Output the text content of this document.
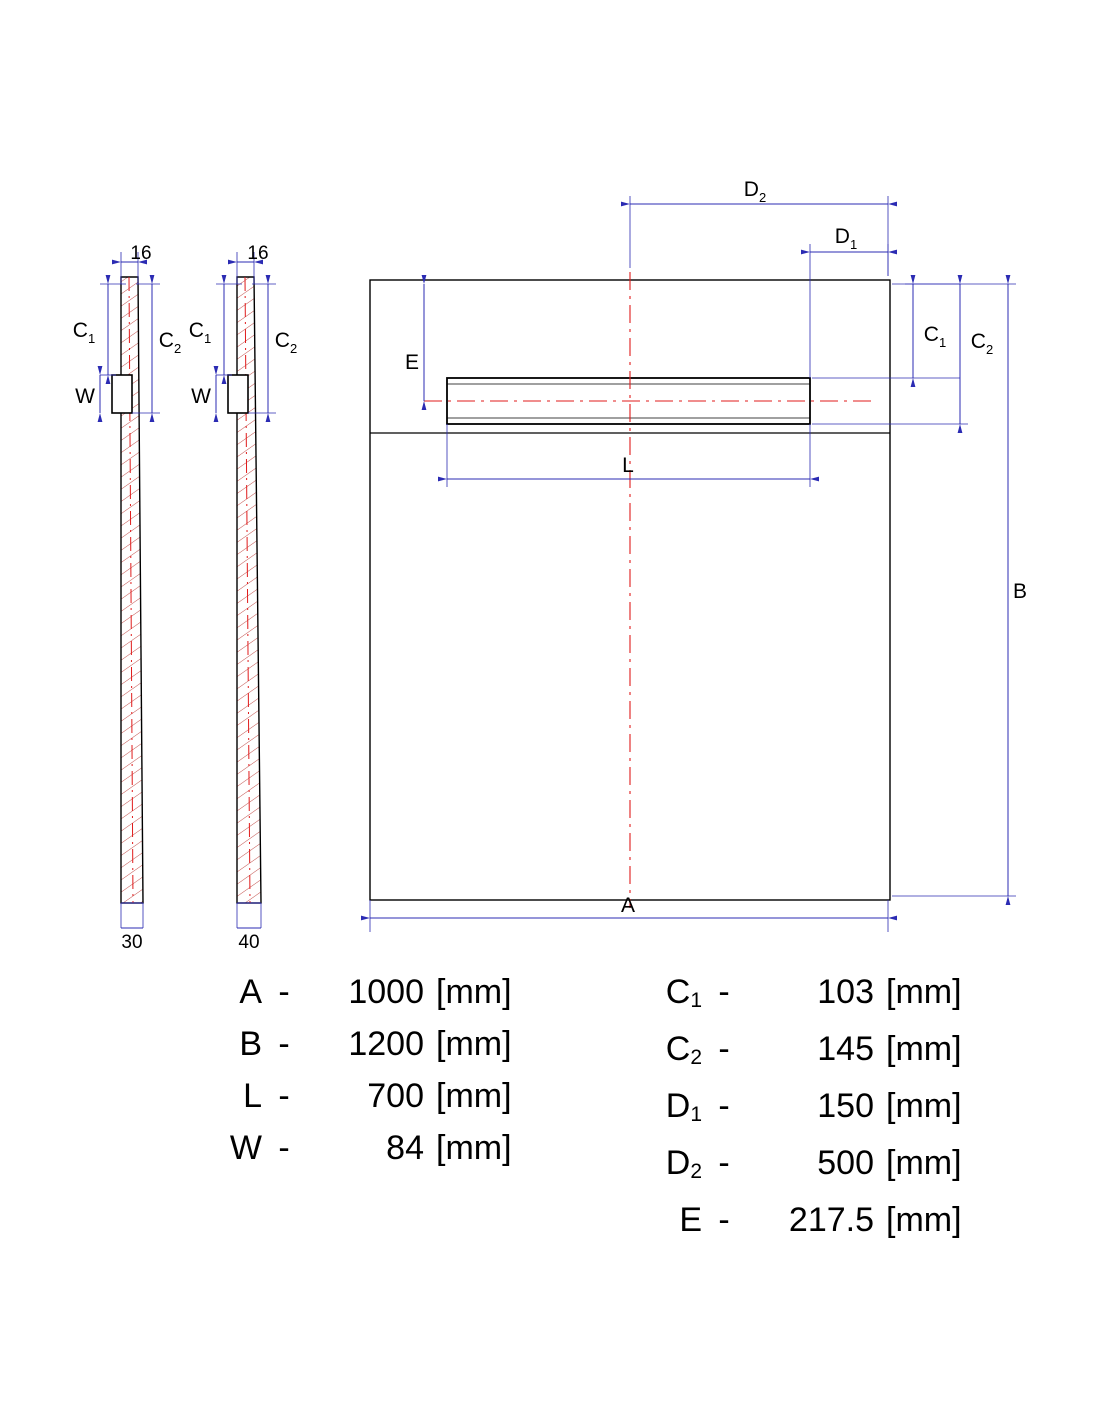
16
30
$C_1$	$C_2$
W
16
40
$C_1$	$C_2$
W
$D_2$
$D_1$
$C_1$ $C_2$
E
L
A
B
A -	1000 [mm]
B -	1200 [mm]
L -	700 [mm]
W -	84 [mm]
C1 -	103 [mm]
C2 -	145 [mm]
D1 -	150 [mm]
D2 -	500 [mm]
E -	217.5 [mm]
